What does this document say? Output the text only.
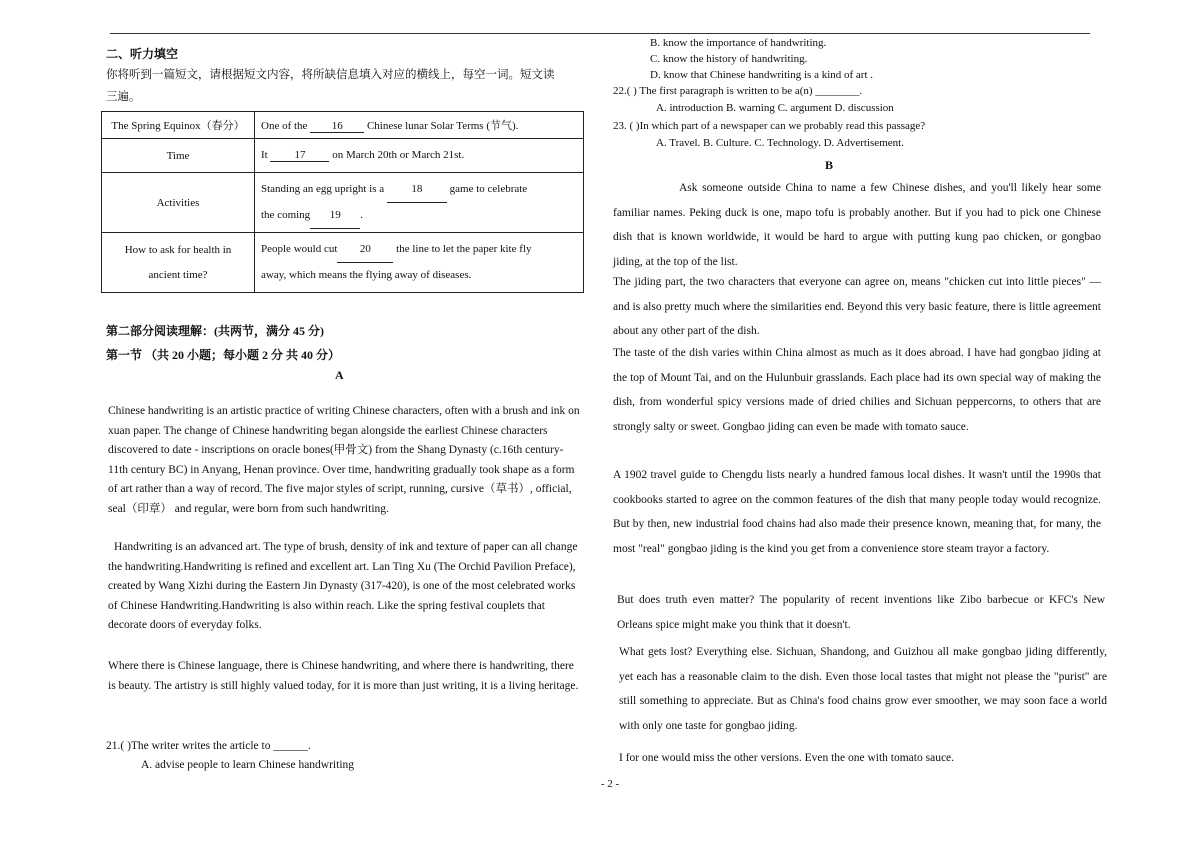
二、听力填空
你将听到一篇短文，请根据短文内容，将所缺信息填入对应的横线上，每空一词。短文读
三遍。
The Spring Equinox（春分）	One of the 16 Chinese lunar Solar Terms (节气).
Time	It 17 on March 20th or March 21st.
Activities	Standing an egg upright is a 18 game to celebrate
the coming 19 .
How to ask for health in
ancient time?	People would cut 20 the line to let the paper kite fly
away, which means the flying away of diseases.
第二部分阅读理解：(共两节，满分 45 分)
第一节 （共 20 小题；每小题 2 分 共 40 分）
A
Chinese handwriting is an artistic practice of writing Chinese characters, often with a brush and ink on xuan paper. The change of Chinese handwriting began alongside the earliest Chinese characters discovered to date - inscriptions on oracle bones(甲骨文) from the Shang Dynasty (c.16th century-11th century BC) in Anyang, Henan province. Over time, handwriting gradually took shape as a form of art rather than a way of record. The five major styles of script, running, cursive（草书）, official, seal（印章） and regular, were born from such handwriting.
Handwriting is an advanced art. The type of brush, density of ink and texture of paper can all change the handwriting.Handwriting is refined and excellent art. Lan Ting Xu (The Orchid Pavilion Preface), created by Wang Xizhi during the Eastern Jin Dynasty (317-420), is one of the most celebrated works of Chinese Handwriting.Handwriting is also within reach. Like the spring festival couplets that decorate doors of everyday folks.
Where there is Chinese language, there is Chinese handwriting, and where there is handwriting, there is beauty. The artistry is still highly valued today, for it is more than just writing, it is a living heritage.
21.( )The writer writes the article to ______.
A. advise people to learn Chinese handwriting
B. know the importance of handwriting.
C. know the history of handwriting.
D. know that Chinese handwriting is a kind of art .
22.( ) The first paragraph is written to be a(n) ________.
A. introduction B. warning C. argument D. discussion
23. ( )In which part of a newspaper can we probably read this passage?
A. Travel. B. Culture. C. Technology. D. Advertisement.
B
Ask someone outside China to name a few Chinese dishes, and you'll likely hear some familiar names. Peking duck is one, mapo tofu is probably another. But if you had to pick one Chinese dish that is known worldwide, it would be hard to argue with putting kung pao chicken, or gongbao jiding, at the top of the list.
The jiding part, the two characters that everyone can agree on, means "chicken cut into little pieces" — and is also pretty much where the similarities end. Beyond this very basic feature, there is little agreement about any other part of the dish.
The taste of the dish varies within China almost as much as it does abroad. I have had gongbao jiding at the top of Mount Tai, and on the Hulunbuir grasslands. Each place had its own special way of making the dish, from wonderful spicy versions made of dried chilies and Sichuan peppercorns, to others that are strongly salty or sweet. Gongbao jiding can even be made with tomato sauce.
A 1902 travel guide to Chengdu lists nearly a hundred famous local dishes. It wasn't until the 1990s that cookbooks started to agree on the common features of the dish that many people today would recognize. But by then, new industrial food chains had also made their presence known, meaning that, for many, the most "real" gongbao jiding is the kind you get from a convenience store steam trayor a factory.
But does truth even matter? The popularity of recent inventions like Zibo barbecue or KFC's New Orleans spice might make you think that it doesn't.
What gets lost? Everything else. Sichuan, Shandong, and Guizhou all make gongbao jiding differently, yet each has a reasonable claim to the dish. Even those local tastes that might not please the "purist" are still something to appreciate. But as China's food chains grow ever smoother, we may soon face a world with only one taste for gongbao jiding.
I for one would miss the other versions. Even the one with tomato sauce.
- 2 -
